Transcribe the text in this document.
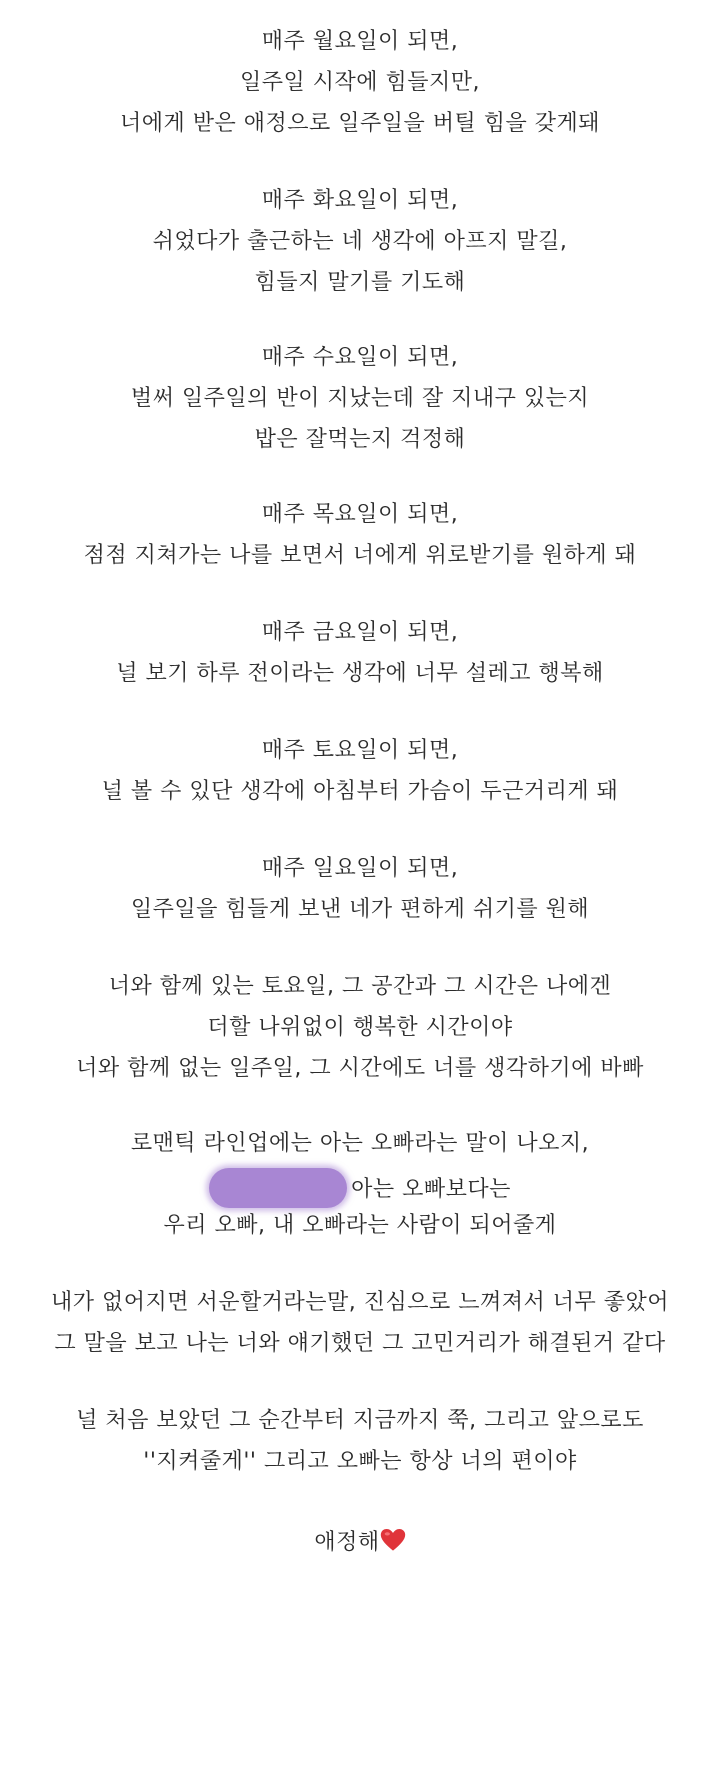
매주 월요일이 되면,
일주일 시작에 힘들지만,
너에게 받은 애정으로 일주일을 버틸 힘을 갖게돼
매주 화요일이 되면,
쉬었다가 출근하는 네 생각에 아프지 말길,
힘들지 말기를 기도해
매주 수요일이 되면,
벌써 일주일의 반이 지났는데 잘 지내구 있는지
밥은 잘먹는지 걱정해
매주 목요일이 되면,
점점 지쳐가는 나를 보면서 너에게 위로받기를 원하게 돼
매주 금요일이 되면,
널 보기 하루 전이라는 생각에 너무 설레고 행복해
매주 토요일이 되면,
널 볼 수 있단 생각에 아침부터 가슴이 두근거리게 돼
매주 일요일이 되면,
일주일을 힘들게 보낸 네가 편하게 쉬기를 원해
너와 함께 있는 토요일, 그 공간과 그 시간은 나에겐
더할 나위없이 행복한 시간이야
너와 함께 없는 일주일, 그 시간에도 너를 생각하기에 바빠
로맨틱 라인업에는 아는 오빠라는 말이 나오지,
아는 오빠보다는
우리 오빠, 내 오빠라는 사람이 되어줄게
내가 없어지면 서운할거라는말, 진심으로 느껴져서 너무 좋았어
그 말을 보고 나는 너와 얘기했던 그 고민거리가 해결된거 같다
널 처음 보았던 그 순간부터 지금까지 쭉, 그리고 앞으로도
''지켜줄게'' 그리고 오빠는 항상 너의 편이야
애정해
